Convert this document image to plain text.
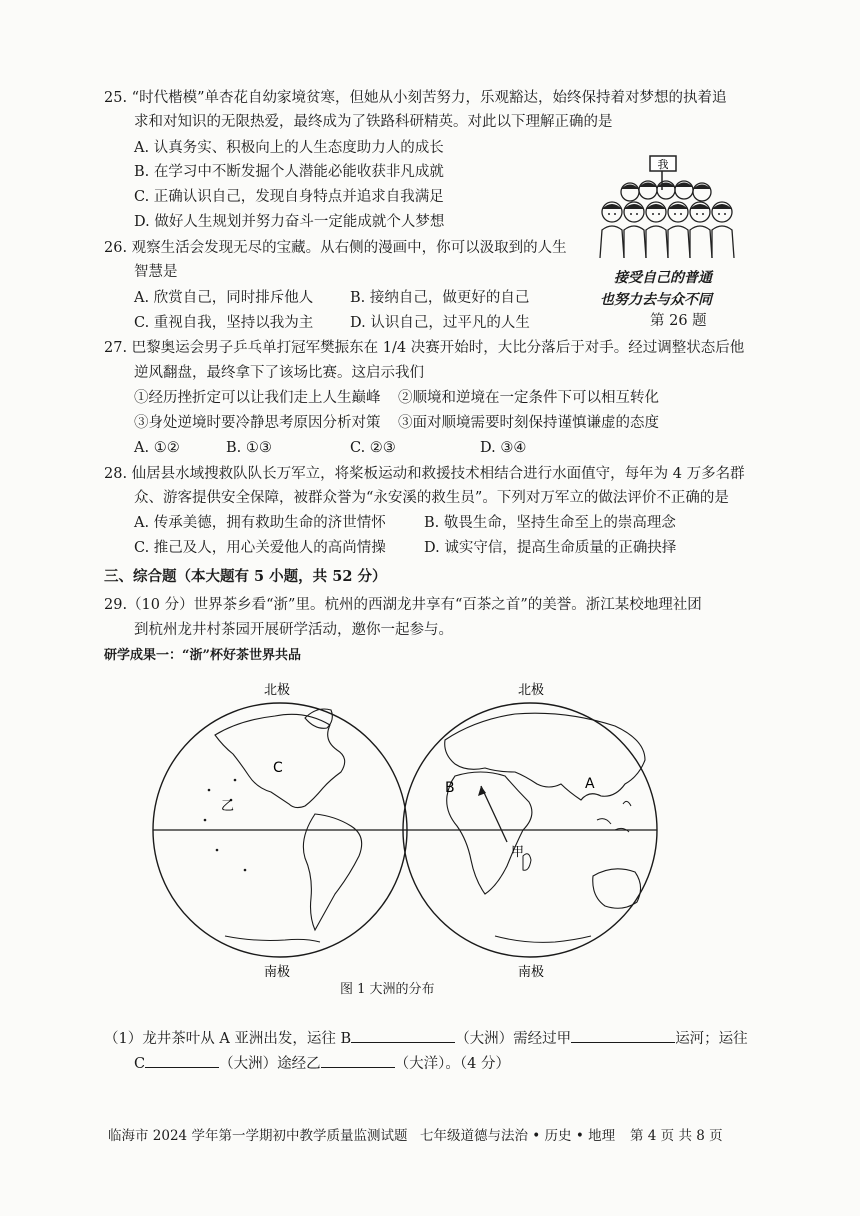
25. “时代楷模”单杏花自幼家境贫寒，但她从小刻苦努力，乐观豁达，始终保持着对梦想的执着追
求和对知识的无限热爱，最终成为了铁路科研精英。对此以下理解正确的是
A. 认真务实、积极向上的人生态度助力人的成长
B. 在学习中不断发掘个人潜能必能收获非凡成就
C. 正确认识自己，发现自身特点并追求自我满足
D. 做好人生规划并努力奋斗一定能成就个人梦想
我
接受自己的普通
也努力去与众不同
第 26 题
26. 观察生活会发现无尽的宝藏。从右侧的漫画中，你可以汲取到的人生
智慧是
A. 欣赏自己，同时排斥他人	B. 接纳自己，做更好的自己
C. 重视自我，坚持以我为主	D. 认识自己，过平凡的人生
27. 巴黎奥运会男子乒乓单打冠军樊振东在 1/4 决赛开始时，大比分落后于对手。经过调整状态后他
逆风翻盘，最终拿下了该场比赛。这启示我们
①经历挫折定可以让我们走上人生巅峰 ②顺境和逆境在一定条件下可以相互转化
③身处逆境时要冷静思考原因分析对策 ③面对顺境需要时刻保持谨慎谦虚的态度
A. ①②	B. ①③	C. ②③	D. ③④
28. 仙居县水域搜救队队长万军立，将桨板运动和救援技术相结合进行水面值守，每年为 4 万多名群
众、游客提供安全保障，被群众誉为“永安溪的救生员”。下列对万军立的做法评价不正确的是
A. 传承美德，拥有救助生命的济世情怀	B. 敬畏生命，坚持生命至上的崇高理念
C. 推己及人，用心关爱他人的高尚情操	D. 诚实守信，提高生命质量的正确抉择
三、综合题（本大题有 5 小题，共 52 分）
29.（10 分）世界茶乡看“浙”里。杭州的西湖龙井享有“百茶之首”的美誉。浙江某校地理社团
到杭州龙井村茶园开展研学活动，邀你一起参与。
研学成果一：“浙”杯好茶世界共品
北极	北极
南极	南极
C
乙
A
B
甲
图 1 大洲的分布
（1）龙井茶叶从 A 亚洲出发，运往 B	（大洲）需经过甲	运河；运往
C	（大洲）途经乙	（大洋）。（4 分）
临海市 2024 学年第一学期初中教学质量监测试题 七年级道德与法治 • 历史 • 地理 第 4 页 共 8 页
